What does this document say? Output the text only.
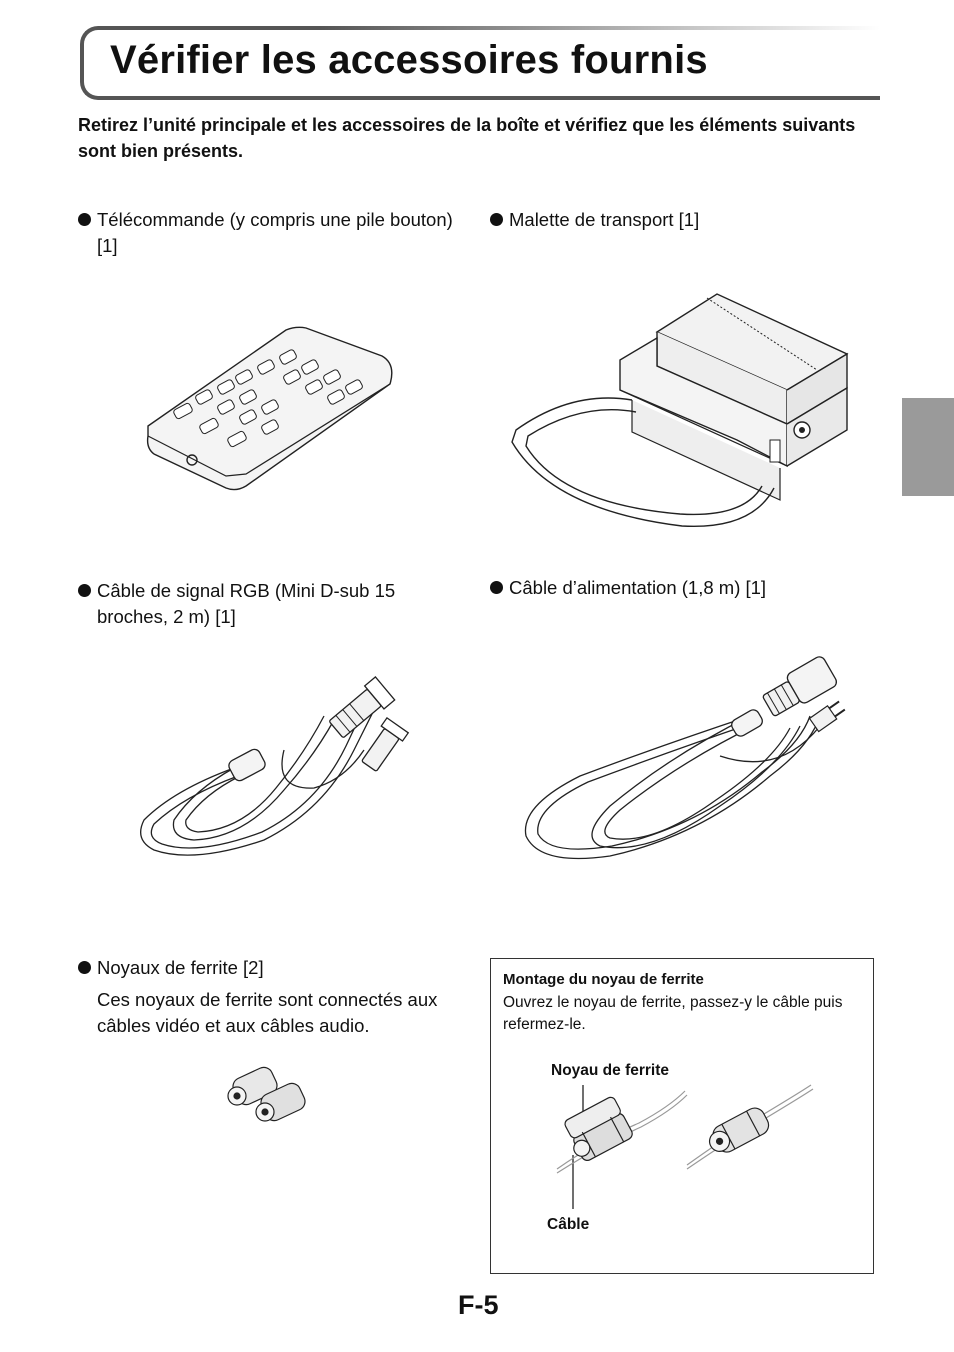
Vérifier les accessoires fournis

Retirez l’unité principale et les accessoires de la boîte et vérifiez que les éléments suivants sont bien présents.

Télécommande (y compris une pile bouton) [1]

Malette de transport [1]

Câble de signal RGB (Mini D-sub 15 broches, 2 m) [1]

Câble d’alimentation (1,8 m) [1]

Noyaux de ferrite [2]

Ces noyaux de ferrite sont connectés aux câbles vidéo et aux câbles audio.

Montage du noyau de ferrite

Ouvrez le noyau de ferrite, passez-y le câble puis refermez-le.

Noyau de ferrite
Câble
F-5
